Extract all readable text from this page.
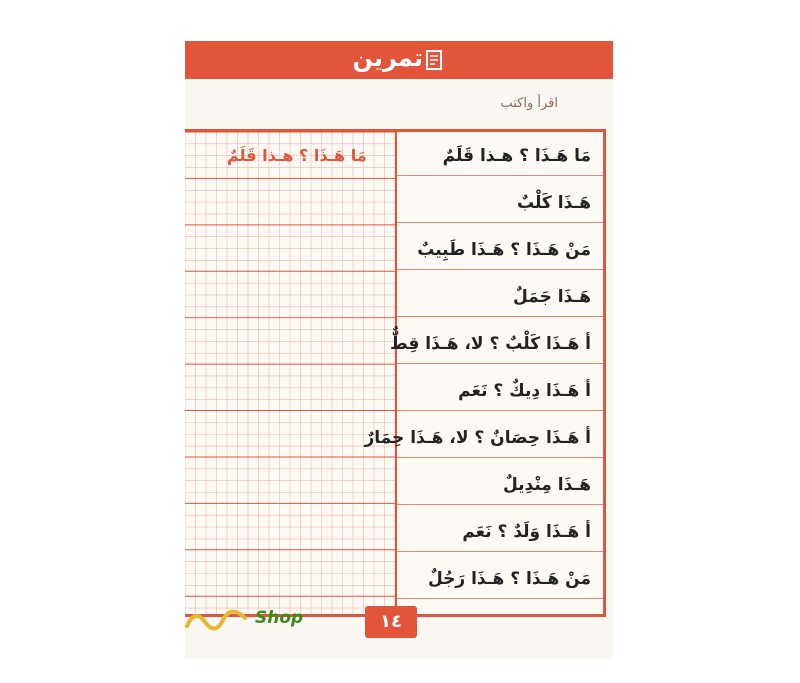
تمرين
اقرأ واكتب
مَا هَـذَا ؟ هـذا قَلَمٌ	مَا هَـذَا ؟ هـذا قَلَمٌ
هَـذَا كَلْبٌ
مَنْ هَـذَا ؟ هَـذَا طَبِيبٌ
هَـذَا جَمَلٌ
أ هَـذَا كَلْبٌ ؟ لا، هَـذَا قِطٌّ
أ هَـذَا دِيكٌ ؟ نَعَم
أ هَـذَا حِصَانٌ ؟ لا، هَـذَا حِمَارٌ
هَـذَا مِنْدِيلٌ
أ هَـذَا وَلَدٌ ؟ نَعَم
مَنْ هَـذَا ؟ هَـذَا رَجُلٌ
Shop	١٤
